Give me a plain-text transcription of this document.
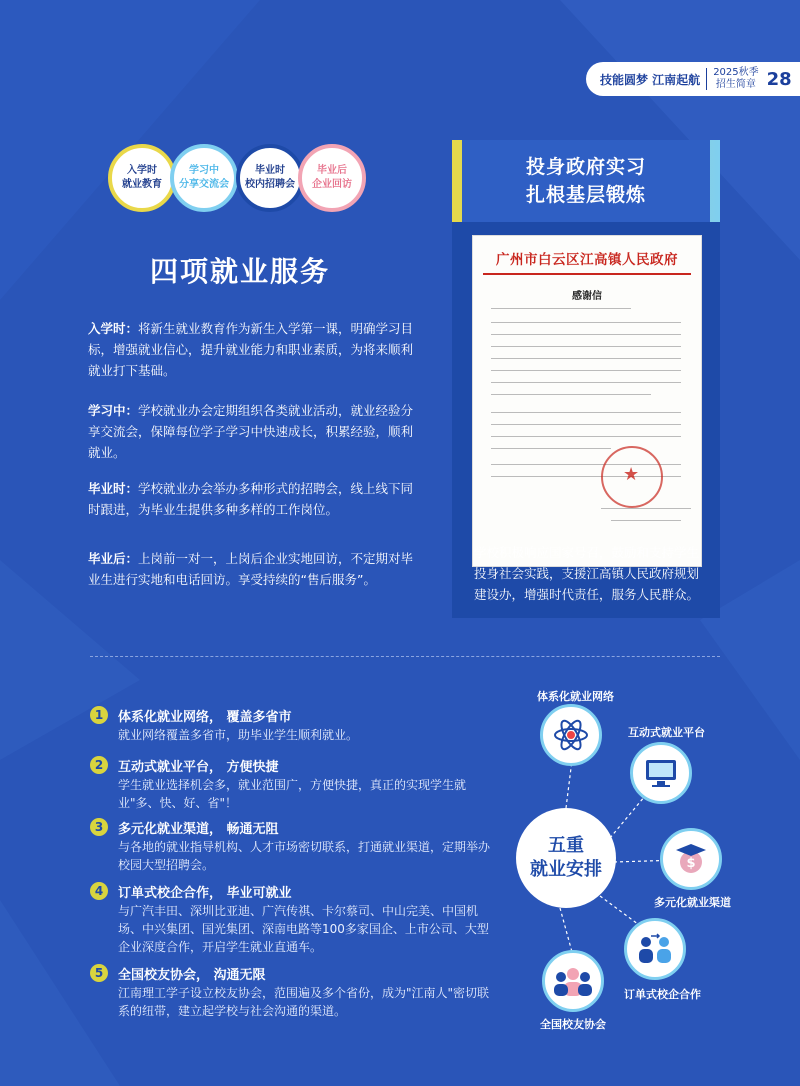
技能圆梦 江南起航 2025秋季
招生简章 28
入学时
就业教育
学习中
分享交流会
毕业时
校内招聘会
毕业后
企业回访
四项就业服务
入学时：将新生就业教育作为新生入学第一课，明确学习目标，增强就业信心，提升就业能力和职业素质，为将来顺利就业打下基础。
学习中：学校就业办会定期组织各类就业活动，就业经验分享交流会，保障每位学子学习中快速成长，积累经验，顺利就业。
毕业时：学校就业办会举办多种形式的招聘会，线上线下同时跟进，为毕业生提供多种多样的工作岗位。
毕业后：上岗前一对一，上岗后企业实地回访，不定期对毕业生进行实地和电话回访。享受持续的“售后服务”。
投身政府实习
扎根基层锻炼
广州市白云区江高镇人民政府
感谢信
★
学校积极响应国家号召，鼓励和支持学生投身社会实践，支援江高镇人民政府规划建设办，增强时代责任，服务人民群众。
1	体系化就业网络， 覆盖多省市
就业网络覆盖多省市，助毕业学生顺利就业。
2	互动式就业平台， 方便快捷
学生就业选择机会多，就业范围广，方便快捷，真正的实现学生就业"多、快、好、省"！
3	多元化就业渠道， 畅通无阻
与各地的就业指导机构、人才市场密切联系，打通就业渠道，定期举办校园大型招聘会。
4	订单式校企合作， 毕业可就业
与广汽丰田、深圳比亚迪、广汽传祺、卡尔蔡司、中山完美、中国机场、中兴集团、国光集团、深南电路等100多家国企、上市公司、大型企业深度合作，开启学生就业直通车。
5	全国校友协会， 沟通无限
江南理工学子设立校友协会，范围遍及多个省份，成为"江南人"密切联系的纽带，建立起学校与社会沟通的渠道。
五重
就业安排
体系化就业网络
互动式就业平台
$
多元化就业渠道
订单式校企合作
全国校友协会
